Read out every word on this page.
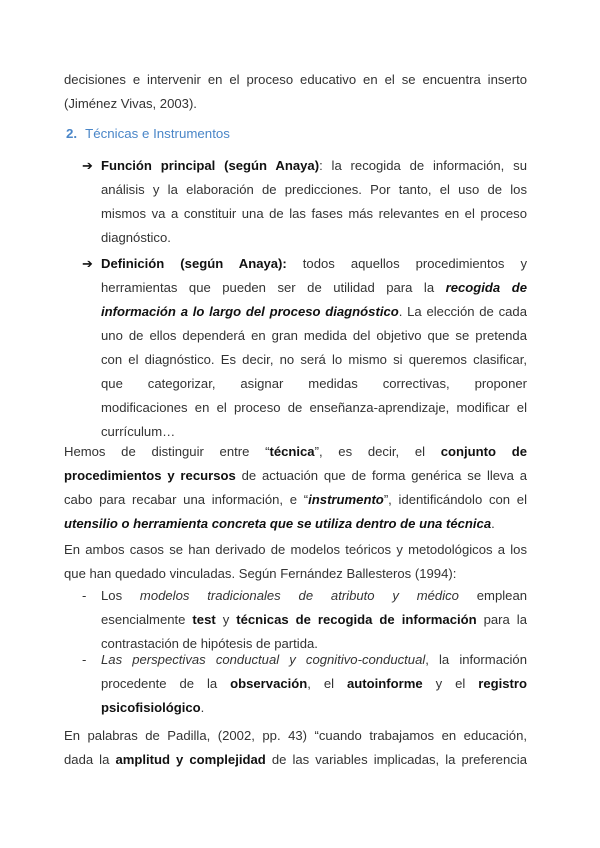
decisiones e intervenir en el proceso educativo en el se encuentra inserto
(Jiménez Vivas, 2003).
2. Técnicas e Instrumentos
➔ Función principal (según Anaya): la recogida de información, su
análisis y la elaboración de predicciones. Por tanto, el uso de los
mismos va a constituir una de las fases más relevantes en el proceso
diagnóstico.
➔ Definición (según Anaya): todos aquellos procedimientos y
herramientas que pueden ser de utilidad para la recogida de
información a lo largo del proceso diagnóstico. La elección de cada
uno de ellos dependerá en gran medida del objetivo que se pretenda
con el diagnóstico. Es decir, no será lo mismo si queremos clasificar,
que categorizar, asignar medidas correctivas, proponer
modificaciones en el proceso de enseñanza-aprendizaje, modificar el
currículum…
Hemos de distinguir entre “técnica”, es decir, el conjunto de
procedimientos y recursos de actuación que de forma genérica se lleva a
cabo para recabar una información, e “instrumento”, identificándolo con el
utensilio o herramienta concreta que se utiliza dentro de una técnica.
En ambos casos se han derivado de modelos teóricos y metodológicos a los
que han quedado vinculadas. Según Fernández Ballesteros (1994):
- Los modelos tradicionales de atributo y médico emplean
esencialmente test y técnicas de recogida de información para la
contrastación de hipótesis de partida.
- Las perspectivas conductual y cognitivo-conductual, la información
procedente de la observación, el autoinforme y el registro
psicofisiológico.
En palabras de Padilla, (2002, pp. 43) “cuando trabajamos en educación,
dada la amplitud y complejidad de las variables implicadas, la preferencia
